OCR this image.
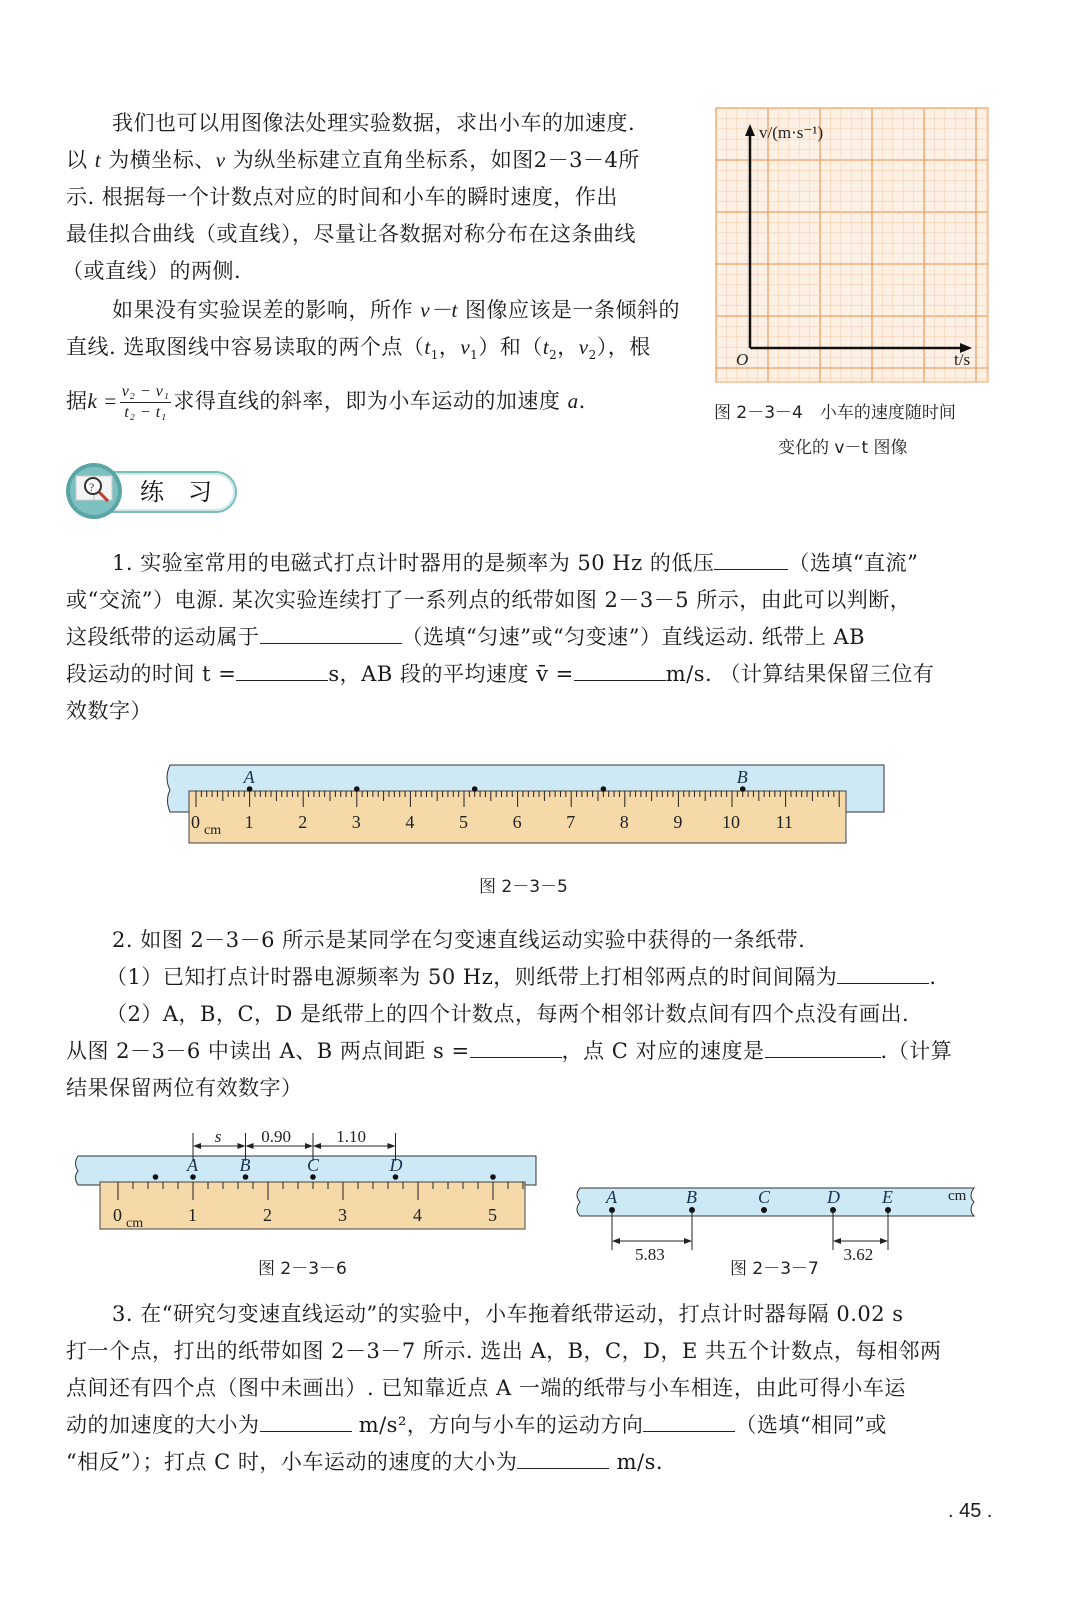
我们也可以用图像法处理实验数据，求出小车的加速度.
以 t 为横坐标、v 为纵坐标建立直角坐标系，如图2－3－4所
示. 根据每一个计数点对应的时间和小车的瞬时速度，作出
最佳拟合曲线（或直线），尽量让各数据对称分布在这条曲线
（或直线）的两侧.
如果没有实验误差的影响，所作 v－t 图像应该是一条倾斜的
直线. 选取图线中容易读取的两个点（$t_1$，$v_1$）和（$t_2$，$v_2$），根
据$k = \frac{\text{v₂ − v₁}}{\text{t₂ − t₁}}$ 求得直线的斜率，即为小车运动的加速度 a.
v/(m·s⁻¹)
O	t/s
图 2－3－4　小车的速度随时间
变化的 v－t 图像
? 练　习
1. 实验室常用的电磁式打点计时器用的是频率为 50 Hz 的低压	（选填“直流”
或“交流”）电源. 某次实验连续打了一系列点的纸带如图 2－3－5 所示，由此可以判断，
这段纸带的运动属于	（选填“匀速”或“匀变速”）直线运动. 纸带上 AB
段运动的时间 t =	s，AB 段的平均速度 v̄ =	m/s. （计算结果保留三位有
效数字）
0 1 2 3 4 5 6 7 8 9 10 11
cm
A	B
图 2－3－5
2. 如图 2－3－6 所示是某同学在匀变速直线运动实验中获得的一条纸带.
（1）已知打点计时器电源频率为 50 Hz，则纸带上打相邻两点的时间间隔为	.
（2）A，B，C，D 是纸带上的四个计数点，每两个相邻计数点间有四个点没有画出.
从图 2－3－6 中读出 A、B 两点间距 s =	，点 C 对应的速度是	.（计算
结果保留两位有效数字）
0	1	2	3	4	5
cm
A B	C	D
s 0.90	1.10
图 2－3－6
cm
A	B	C	D E
5.83	3.62
图 2－3－7
3. 在“研究匀变速直线运动”的实验中，小车拖着纸带运动，打点计时器每隔 0.02 s
打一个点，打出的纸带如图 2－3－7 所示. 选出 A，B，C，D，E 共五个计数点，每相邻两
点间还有四个点（图中未画出）. 已知靠近点 A 一端的纸带与小车相连，由此可得小车运
动的加速度的大小为	m/s²，方向与小车的运动方向	（选填“相同”或
“相反”）；打点 C 时，小车运动的速度的大小为	m/s.
. 45 .
